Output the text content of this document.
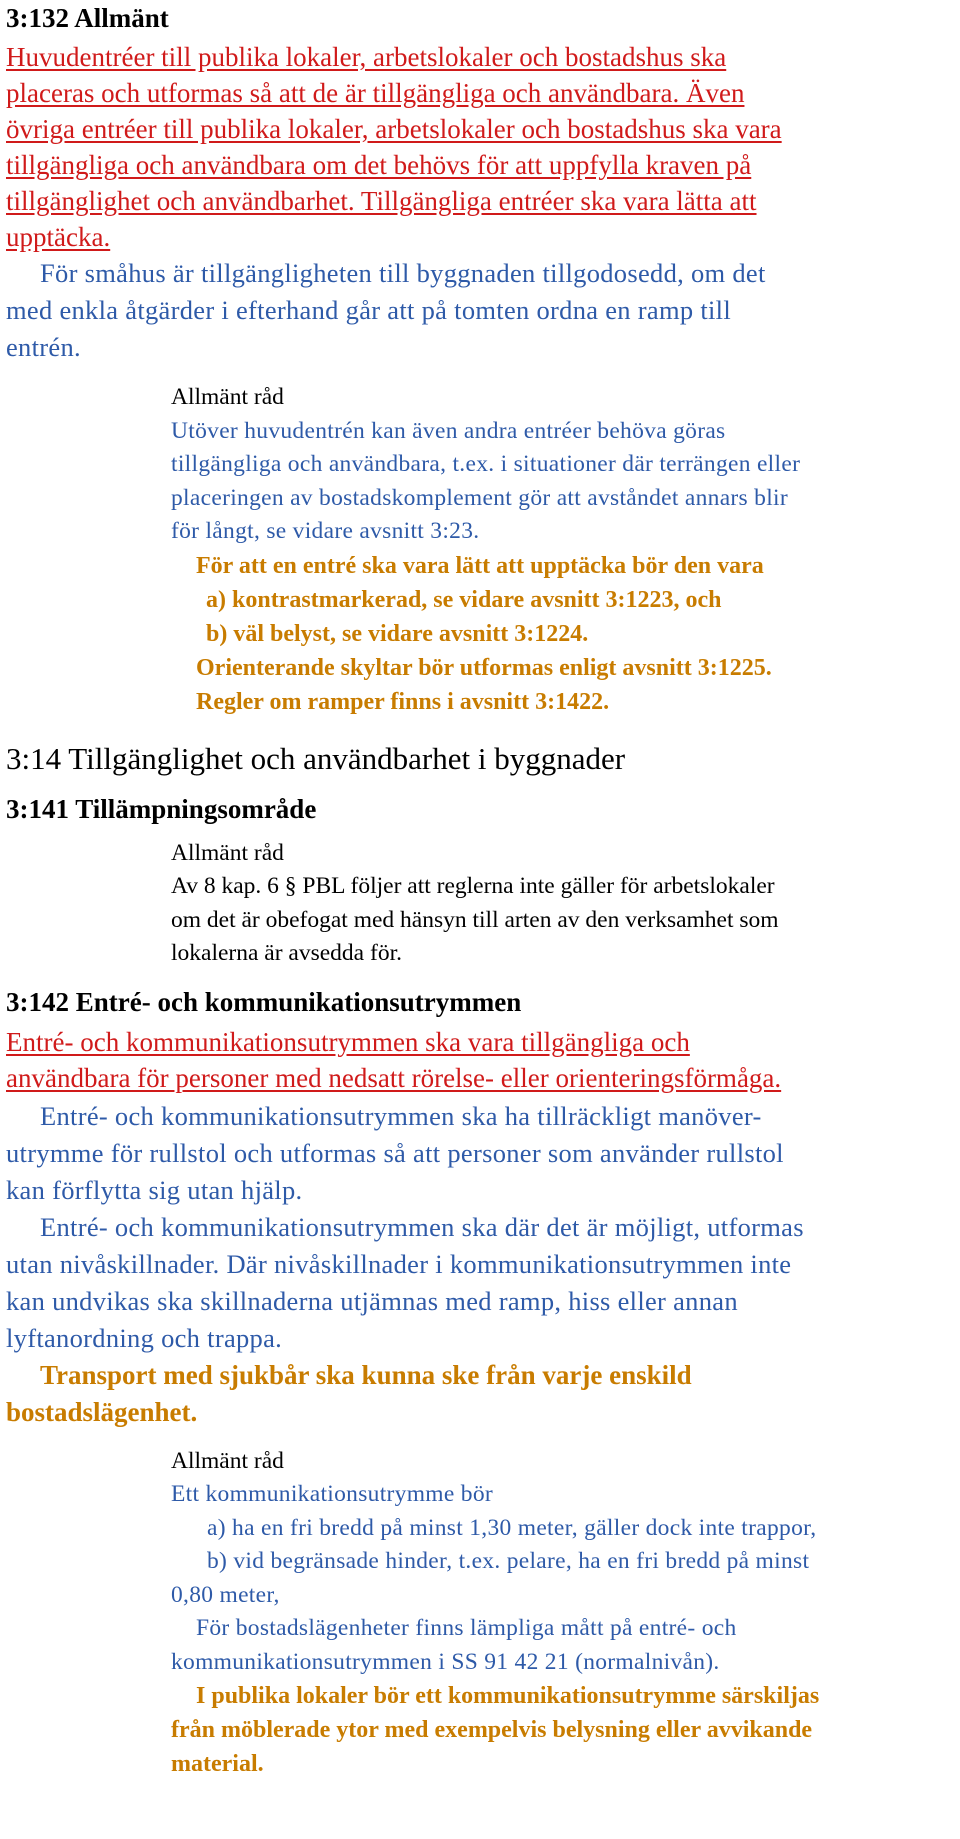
3:132 Allmänt

Huvudentréer till publika lokaler, arbetslokaler och bostadshus ska

placeras och utformas så att de är tillgängliga och användbara. Även

övriga entréer till publika lokaler, arbetslokaler och bostadshus ska vara

tillgängliga och användbara om det behövs för att uppfylla kraven på

tillgänglighet och användbarhet. Tillgängliga entréer ska vara lätta att

upptäcka.

För småhus är tillgängligheten till byggnaden tillgodosedd, om det

med enkla åtgärder i efterhand går att på tomten ordna en ramp till

entrén.

Allmänt råd

Utöver huvudentrén kan även andra entréer behöva göras

tillgängliga och användbara, t.ex. i situationer där terrängen eller

placeringen av bostadskomplement gör att avståndet annars blir

för långt, se vidare avsnitt 3:23.

För att en entré ska vara lätt att upptäcka bör den vara

a) kontrastmarkerad, se vidare avsnitt 3:1223, och

b) väl belyst, se vidare avsnitt 3:1224.

Orienterande skyltar bör utformas enligt avsnitt 3:1225.

Regler om ramper finns i avsnitt 3:1422.

3:14 Tillgänglighet och användbarhet i byggnader
3:141 Tillämpningsområde

Allmänt råd

Av 8 kap. 6 § PBL följer att reglerna inte gäller för arbetslokaler

om det är obefogat med hänsyn till arten av den verksamhet som

lokalerna är avsedda för.

3:142 Entré- och kommunikationsutrymmen

Entré- och kommunikationsutrymmen ska vara tillgängliga och

användbara för personer med nedsatt rörelse- eller orienteringsförmåga.

Entré- och kommunikationsutrymmen ska ha tillräckligt manöver-

utrymme för rullstol och utformas så att personer som använder rullstol

kan förflytta sig utan hjälp.

Entré- och kommunikationsutrymmen ska där det är möjligt, utformas

utan nivåskillnader. Där nivåskillnader i kommunikationsutrymmen inte

kan undvikas ska skillnaderna utjämnas med ramp, hiss eller annan

lyftanordning och trappa.

Transport med sjukbår ska kunna ske från varje enskild

bostadslägenhet.

Allmänt råd

Ett kommunikationsutrymme bör

a) ha en fri bredd på minst 1,30 meter, gäller dock inte trappor,

b) vid begränsade hinder, t.ex. pelare, ha en fri bredd på minst

0,80 meter,

För bostadslägenheter finns lämpliga mått på entré- och

kommunikationsutrymmen i SS 91 42 21 (normalnivån).

I publika lokaler bör ett kommunikationsutrymme särskiljas

från möblerade ytor med exempelvis belysning eller avvikande

material.
